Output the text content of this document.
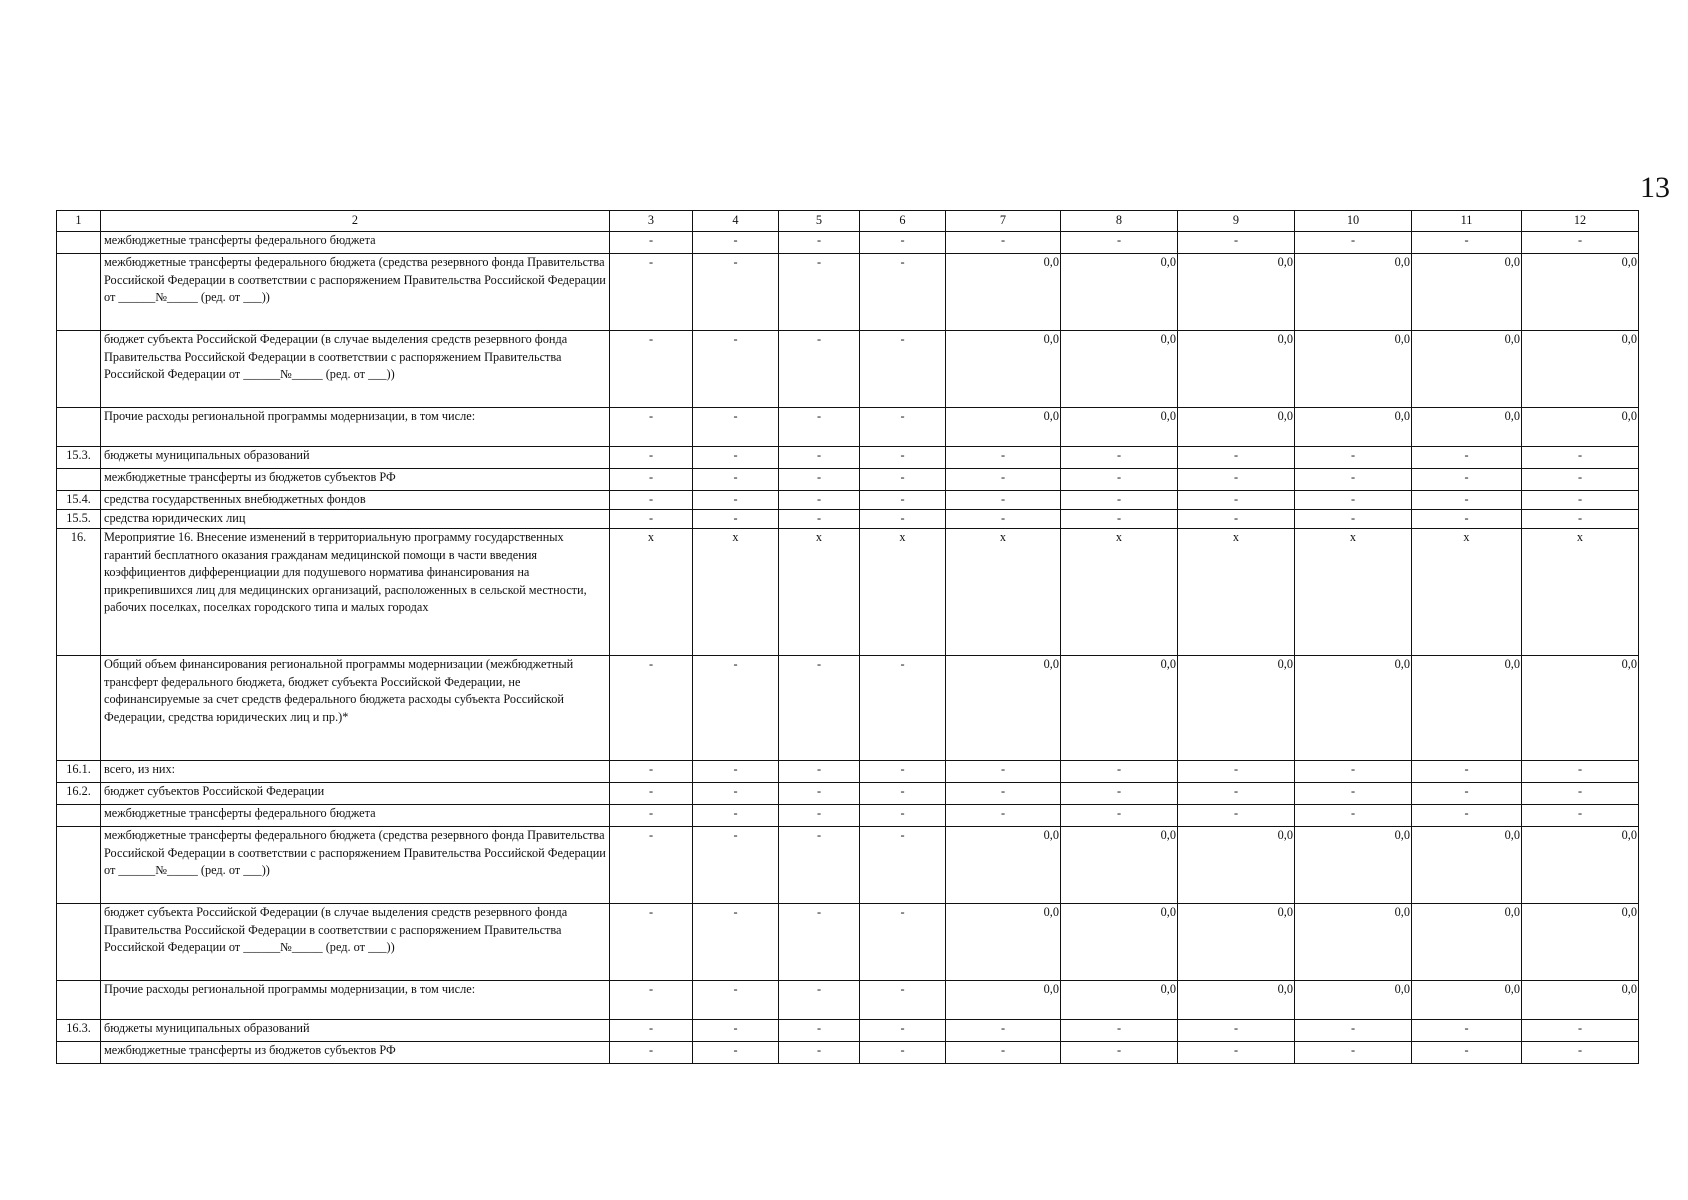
13
1	2	3	4	5	6	7	8	9	10	11	12
	межбюджетные трансферты федерального бюджета	-	-	-	-	-	-	-	-	-	-
	межбюджетные трансферты федерального бюджета (средства резервного фонда Правительства Российской Федерации в соответствии с распоряжением Правительства Российской Федерации от ______№_____ (ред. от ___))	-	-	-	-	0,0	0,0	0,0	0,0	0,0	0,0
	бюджет субъекта Российской Федерации (в случае выделения средств резервного фонда Правительства Российской Федерации в соответствии с распоряжением Правительства Российской Федерации от ______№_____ (ред. от ___))	-	-	-	-	0,0	0,0	0,0	0,0	0,0	0,0
	Прочие расходы региональной программы модернизации, в том числе:	-	-	-	-	0,0	0,0	0,0	0,0	0,0	0,0
15.3.	бюджеты муниципальных образований	-	-	-	-	-	-	-	-	-	-
	межбюджетные трансферты из бюджетов субъектов РФ	-	-	-	-	-	-	-	-	-	-
15.4.	средства государственных внебюджетных фондов	-	-	-	-	-	-	-	-	-	-
15.5.	средства юридических лиц	-	-	-	-	-	-	-	-	-	-
16.	Мероприятие 16. Внесение изменений в территориальную программу государственных гарантий бесплатного оказания гражданам медицинской помощи в части введения коэффициентов дифференциации для подушевого норматива финансирования на прикрепившихся лиц для медицинских организаций, расположенных в сельской местности, рабочих поселках, поселках городского типа и малых городах	x	x	x	x	x	x	x	x	x	x
	Общий объем финансирования региональной программы модернизации (межбюджетный трансферт федерального бюджета, бюджет субъекта Российской Федерации, не софинансируемые за счет средств федерального бюджета расходы субъекта Российской Федерации, средства юридических лиц и пр.)*	-	-	-	-	0,0	0,0	0,0	0,0	0,0	0,0
16.1.	всего, из них:	-	-	-	-	-	-	-	-	-	-
16.2.	бюджет субъектов Российской Федерации	-	-	-	-	-	-	-	-	-	-
	межбюджетные трансферты федерального бюджета	-	-	-	-	-	-	-	-	-	-
	межбюджетные трансферты федерального бюджета (средства резервного фонда Правительства Российской Федерации в соответствии с распоряжением Правительства Российской Федерации от ______№_____ (ред. от ___))	-	-	-	-	0,0	0,0	0,0	0,0	0,0	0,0
	бюджет субъекта Российской Федерации (в случае выделения средств резервного фонда Правительства Российской Федерации в соответствии с распоряжением Правительства Российской Федерации от ______№_____ (ред. от ___))	-	-	-	-	0,0	0,0	0,0	0,0	0,0	0,0
	Прочие расходы региональной программы модернизации, в том числе:	-	-	-	-	0,0	0,0	0,0	0,0	0,0	0,0
16.3.	бюджеты муниципальных образований	-	-	-	-	-	-	-	-	-	-
	межбюджетные трансферты из бюджетов субъектов РФ	-	-	-	-	-	-	-	-	-	-
